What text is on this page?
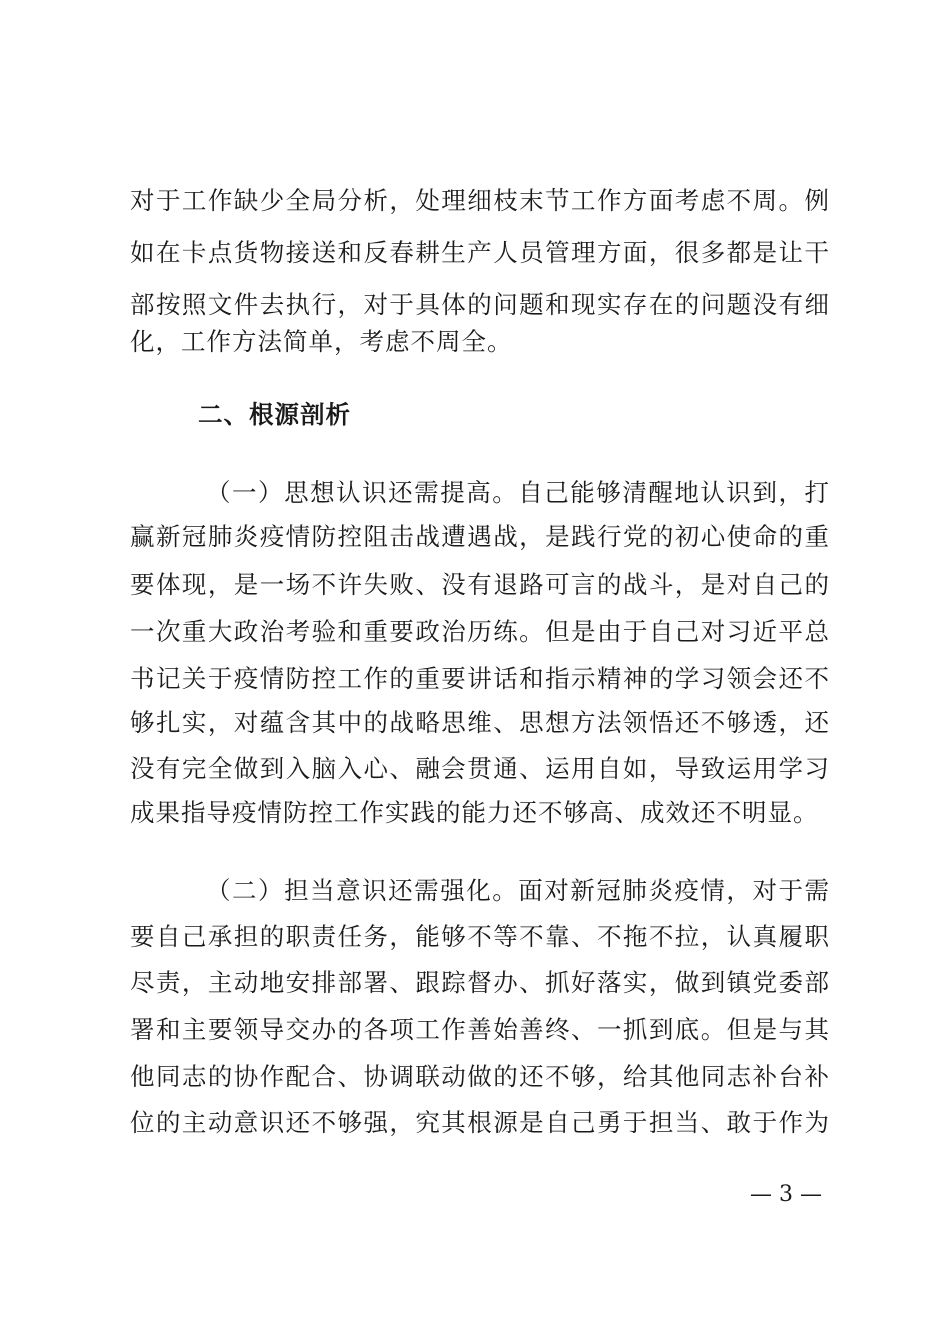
对于工作缺少全局分析，处理细枝末节工作方面考虑不周。例
如在卡点货物接送和反春耕生产人员管理方面，很多都是让干
部按照文件去执行，对于具体的问题和现实存在的问题没有细
化，工作方法简单，考虑不周全。
二、根源剖析
（一）思想认识还需提高。自己能够清醒地认识到，打
赢新冠肺炎疫情防控阻击战遭遇战，是践行党的初心使命的重
要体现，是一场不许失败、没有退路可言的战斗，是对自己的
一次重大政治考验和重要政治历练。但是由于自己对习近平总
书记关于疫情防控工作的重要讲话和指示精神的学习领会还不
够扎实，对蕴含其中的战略思维、思想方法领悟还不够透，还
没有完全做到入脑入心、融会贯通、运用自如，导致运用学习
成果指导疫情防控工作实践的能力还不够高、成效还不明显。
（二）担当意识还需强化。面对新冠肺炎疫情，对于需
要自己承担的职责任务，能够不等不靠、不拖不拉，认真履职
尽责，主动地安排部署、跟踪督办、抓好落实，做到镇党委部
署和主要领导交办的各项工作善始善终、一抓到底。但是与其
他同志的协作配合、协调联动做的还不够，给其他同志补台补
位的主动意识还不够强，究其根源是自己勇于担当、敢于作为
— 3 —
